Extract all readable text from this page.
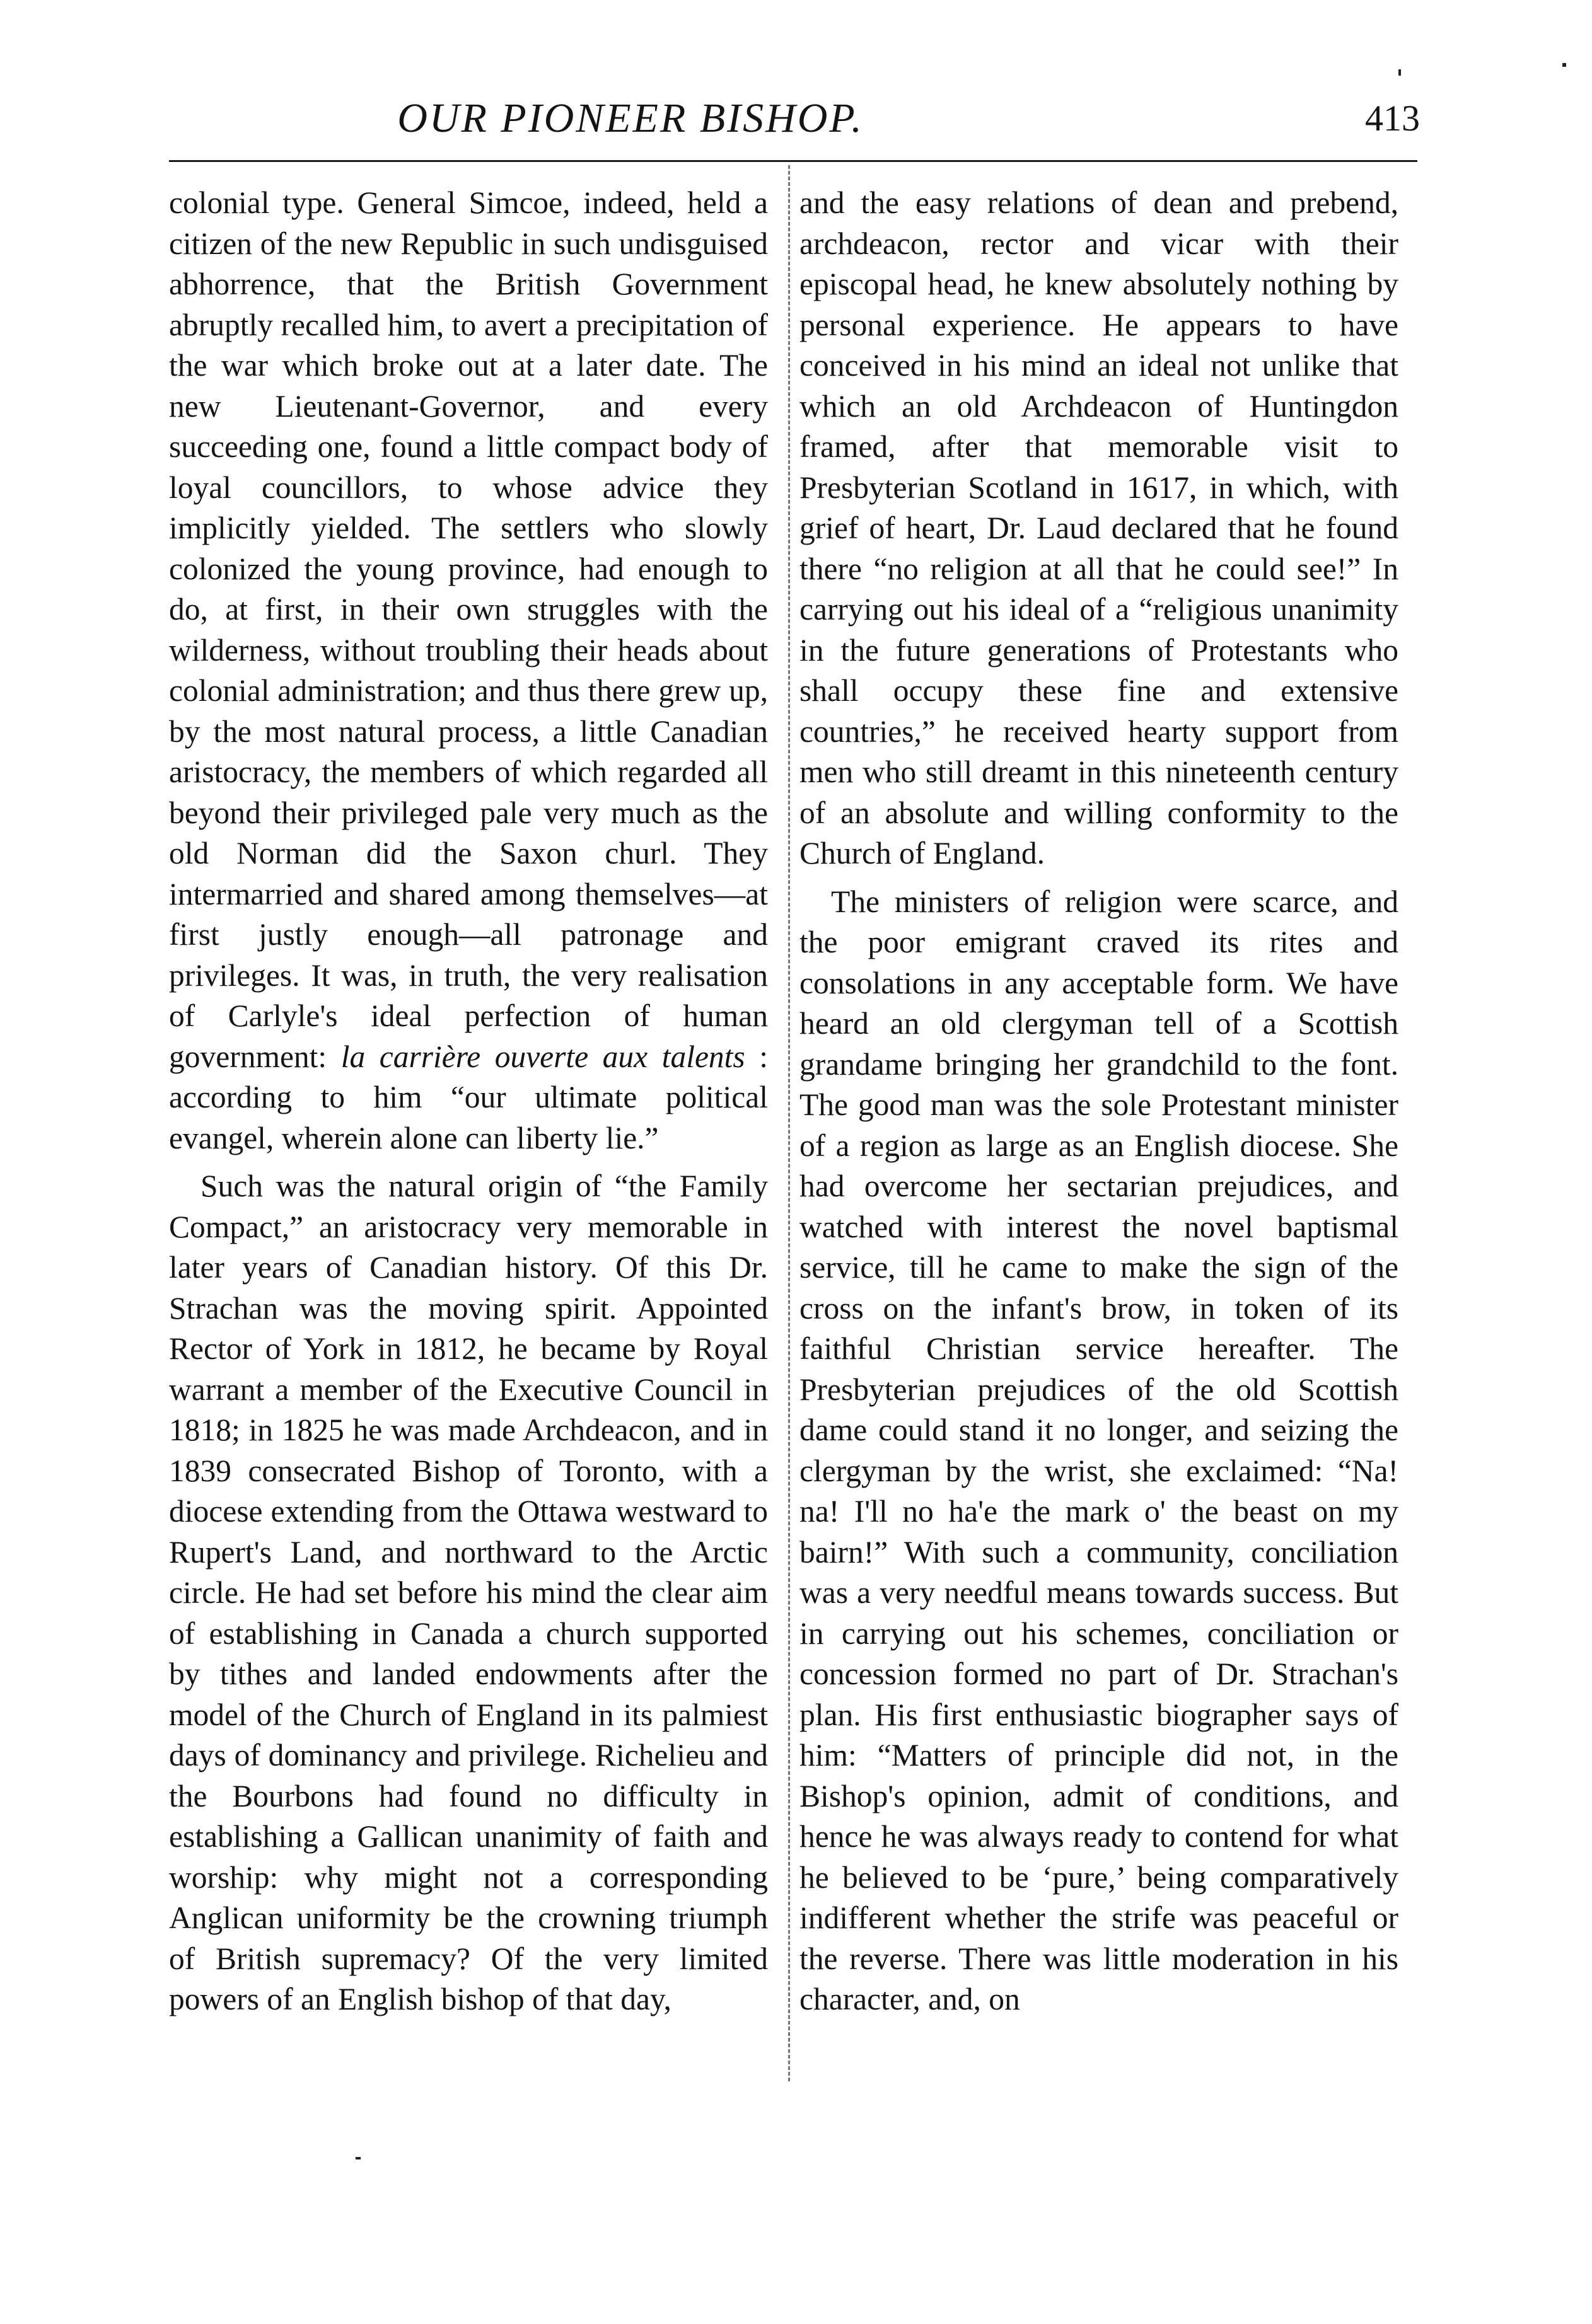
OUR PIONEER BISHOP.	413

colonial type. General Simcoe, indeed, held a citizen of the new Republic in such undisguised abhorrence, that the British Government abruptly recalled him, to avert a precipitation of the war which broke out at a later date. The new Lieutenant-Governor, and every succeeding one, found a little compact body of loyal councillors, to whose advice they implicitly yielded. The settlers who slowly colonized the young province, had enough to do, at first, in their own struggles with the wilderness, without troubling their heads about colonial administration; and thus there grew up, by the most natural process, a little Canadian aristocracy, the members of which regarded all beyond their privileged pale very much as the old Norman did the Saxon churl. They intermarried and shared among themselves—at first justly enough—all patronage and privileges. It was, in truth, the very realisation of Carlyle's ideal perfection of human government: la carrière ouverte aux talents : according to him “our ultimate political evangel, wherein alone can liberty lie.”

Such was the natural origin of “the Family Compact,” an aristocracy very memorable in later years of Canadian history. Of this Dr. Strachan was the moving spirit. Appointed Rector of York in 1812, he became by Royal warrant a member of the Executive Council in 1818; in 1825 he was made Archdeacon, and in 1839 consecrated Bishop of Toronto, with a diocese extending from the Ottawa westward to Rupert's Land, and northward to the Arctic circle. He had set before his mind the clear aim of establishing in Canada a church supported by tithes and landed endowments after the model of the Church of England in its palmiest days of dominancy and privilege. Richelieu and the Bourbons had found no difficulty in establishing a Gallican unanimity of faith and worship: why might not a corresponding Anglican uniformity be the crowning triumph of British supremacy? Of the very limited powers of an English bishop of that day,

and the easy relations of dean and prebend, archdeacon, rector and vicar with their episcopal head, he knew absolutely nothing by personal experience. He appears to have conceived in his mind an ideal not unlike that which an old Archdeacon of Huntingdon framed, after that memorable visit to Presbyterian Scotland in 1617, in which, with grief of heart, Dr. Laud declared that he found there “no religion at all that he could see!” In carrying out his ideal of a “religious unanimity in the future generations of Protestants who shall occupy these fine and extensive countries,” he received hearty support from men who still dreamt in this nineteenth century of an absolute and willing conformity to the Church of England.

The ministers of religion were scarce, and the poor emigrant craved its rites and consolations in any acceptable form. We have heard an old clergyman tell of a Scottish grandame bringing her grandchild to the font. The good man was the sole Protestant minister of a region as large as an English diocese. She had overcome her sectarian prejudices, and watched with interest the novel baptismal service, till he came to make the sign of the cross on the infant's brow, in token of its faithful Christian service hereafter. The Presbyterian prejudices of the old Scottish dame could stand it no longer, and seizing the clergyman by the wrist, she exclaimed: “Na! na! I'll no ha'e the mark o' the beast on my bairn!” With such a community, conciliation was a very needful means towards success. But in carrying out his schemes, conciliation or concession formed no part of Dr. Strachan's plan. His first enthusiastic biographer says of him: “Matters of principle did not, in the Bishop's opinion, admit of conditions, and hence he was always ready to contend for what he believed to be ‘pure,’ being comparatively indifferent whether the strife was peaceful or the reverse. There was little moderation in his character, and, on
